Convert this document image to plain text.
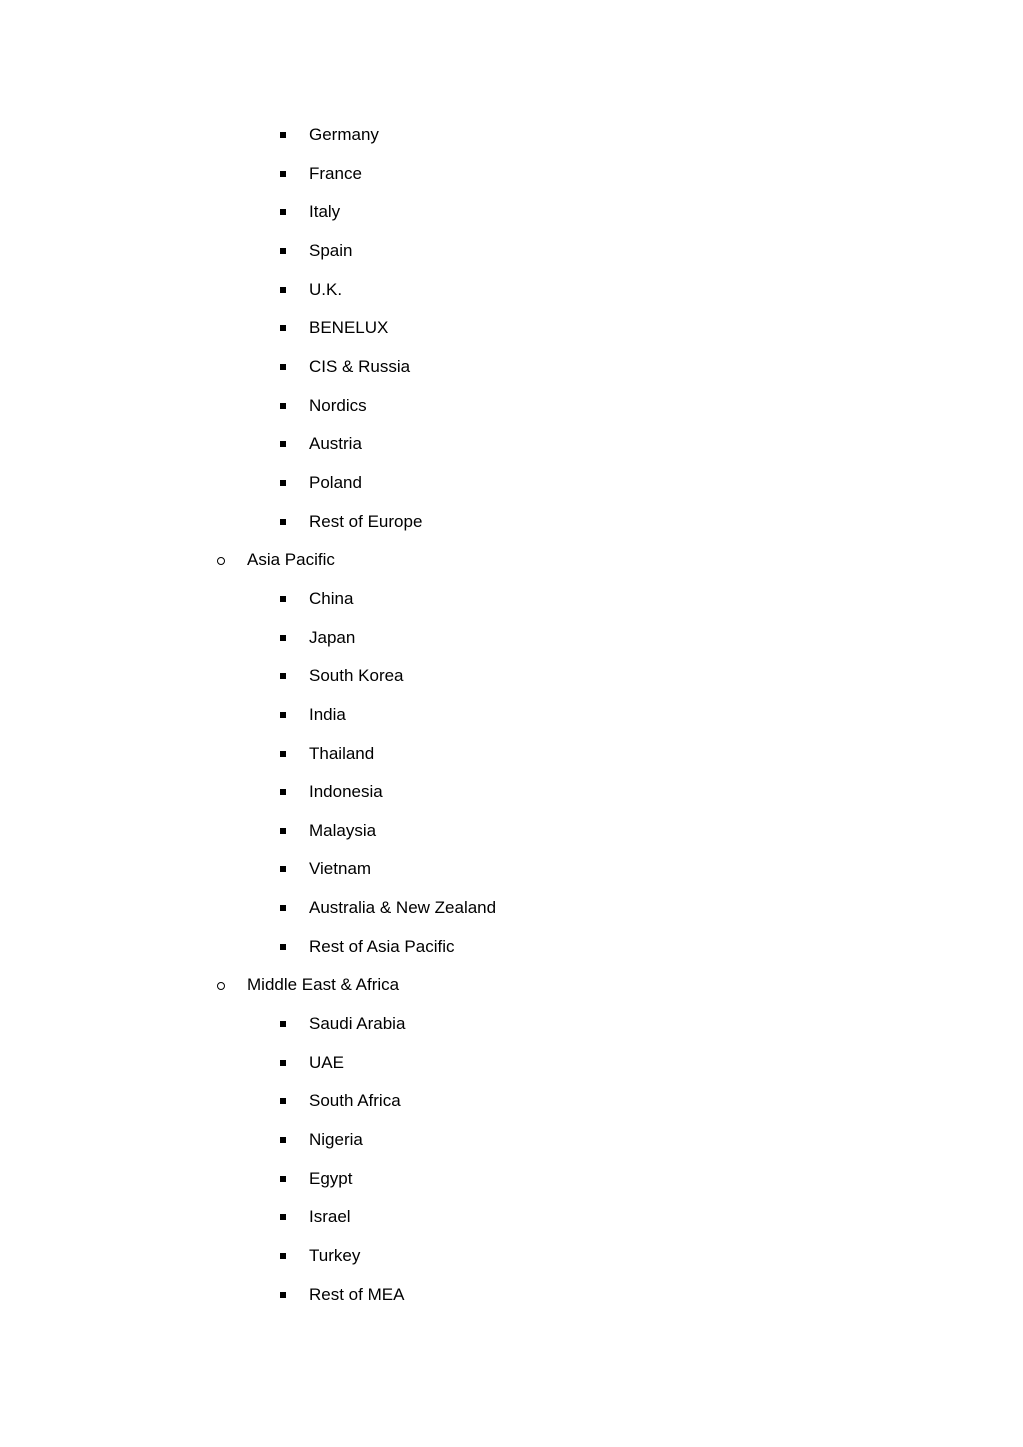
Germany
France
Italy
Spain
U.K.
BENELUX
CIS & Russia
Nordics
Austria
Poland
Rest of Europe
Asia Pacific
China
Japan
South Korea
India
Thailand
Indonesia
Malaysia
Vietnam
Australia & New Zealand
Rest of Asia Pacific
Middle East & Africa
Saudi Arabia
UAE
South Africa
Nigeria
Egypt
Israel
Turkey
Rest of MEA
